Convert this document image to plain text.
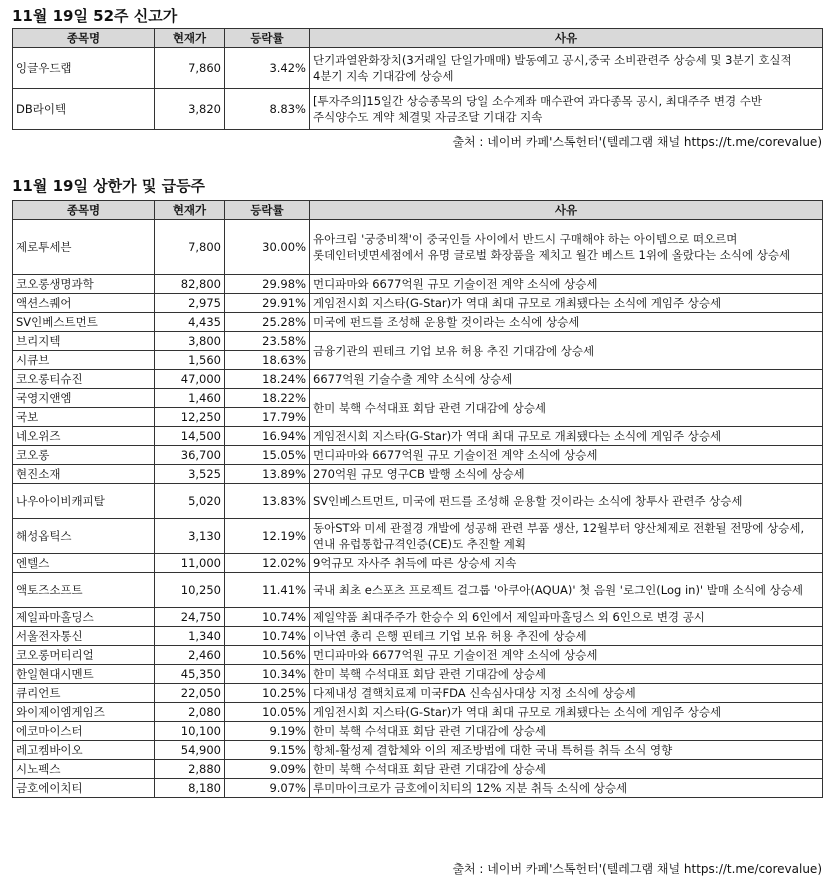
11월 19일 52주 신고가
종목명	현재가	등락률	사유
잉글우드랩	7,860	3.42%	단기과열완화장치(3거래일 단일가매매) 발동예고 공시,중국 소비관련주 상승세 및 3분기 호실적 4분기 지속 기대감에 상승세
DB라이텍	3,820	8.83%	[투자주의]15일간 상승종목의 당일 소수계좌 매수관여 과다종목 공시, 최대주주 변경 수반 주식양수도 계약 체결및 자금조달 기대감 지속
출처 : 네이버 카페'스톡헌터'(텔레그램 채널 https://t.me/corevalue)
11월 19일 상한가 및 급등주
종목명	현재가	등락률	사유
제로투세븐	7,800	30.00%	유아크림 '궁중비책'이 중국인들 사이에서 반드시 구매해야 하는 아이템으로 떠오르며 롯데인터넷면세점에서 유명 글로벌 화장품을 제치고 월간 베스트 1위에 올랐다는 소식에 상승세
코오롱생명과학	82,800	29.98%	먼디파마와 6677억원 규모 기술이전 계약 소식에 상승세
액션스퀘어	2,975	29.91%	게임전시회 지스타(G-Star)가 역대 최대 규모로 개최됐다는 소식에 게임주 상승세
SV인베스트먼트	4,435	25.28%	미국에 펀드를 조성해 운용할 것이라는 소식에 상승세
브리지텍	3,800	23.58%	금융기관의 핀테크 기업 보유 허용 추진 기대감에 상승세
시큐브	1,560	18.63%	
코오롱티슈진	47,000	18.24%	6677억원 기술수출 계약 소식에 상승세
국영지앤엠	1,460	18.22%	한미 북핵 수석대표 회담 관련 기대감에 상승세
국보	12,250	17.79%	
네오위즈	14,500	16.94%	게임전시회 지스타(G-Star)가 역대 최대 규모로 개최됐다는 소식에 게임주 상승세
코오롱	36,700	15.05%	먼디파마와 6677억원 규모 기술이전 계약 소식에 상승세
현진소재	3,525	13.89%	270억원 규모 영구CB 발행 소식에 상승세
나우아이비캐피탈	5,020	13.83%	SV인베스트먼트, 미국에 펀드를 조성해 운용할 것이라는 소식에 창투사 관련주 상승세
해성옵틱스	3,130	12.19%	동아ST와 미세 관절경 개발에 성공해 관련 부품 생산, 12월부터 양산체제로 전환될 전망에 상승세, 연내 유럽통합규격인증(CE)도 추진할 계획
엔텔스	11,000	12.02%	9억규모 자사주 취득에 따른 상승세 지속
액토즈소프트	10,250	11.41%	국내 최초 e스포츠 프로젝트 걸그룹 '아쿠아(AQUA)' 첫 음원 '로그인(Log in)' 발매 소식에 상승세
제일파마홀딩스	24,750	10.74%	제일약품 최대주주가 한승수 외 6인에서 제일파마홀딩스 외 6인으로 변경 공시
서울전자통신	1,340	10.74%	이낙연 총리 은행 핀테크 기업 보유 허용 추진에 상승세
코오롱머티리얼	2,460	10.56%	먼디파마와 6677억원 규모 기술이전 계약 소식에 상승세
한일현대시멘트	45,350	10.34%	한미 북핵 수석대표 회담 관련 기대감에 상승세
큐리언트	22,050	10.25%	다제내성 결핵치료제 미국FDA 신속심사대상 지정 소식에 상승세
와이제이엠게임즈	2,080	10.05%	게임전시회 지스타(G-Star)가 역대 최대 규모로 개최됐다는 소식에 게임주 상승세
에코마이스터	10,100	9.19%	한미 북핵 수석대표 회담 관련 기대감에 상승세
레고켐바이오	54,900	9.15%	항체-활성제 결합체와 이의 제조방법에 대한 국내 특허를 취득 소식 영향
시노펙스	2,880	9.09%	한미 북핵 수석대표 회담 관련 기대감에 상승세
금호에이치티	8,180	9.07%	루미마이크로가 금호에이치티의 12% 지분 취득 소식에 상승세
출처 : 네이버 카페'스톡헌터'(텔레그램 채널 https://t.me/corevalue)
